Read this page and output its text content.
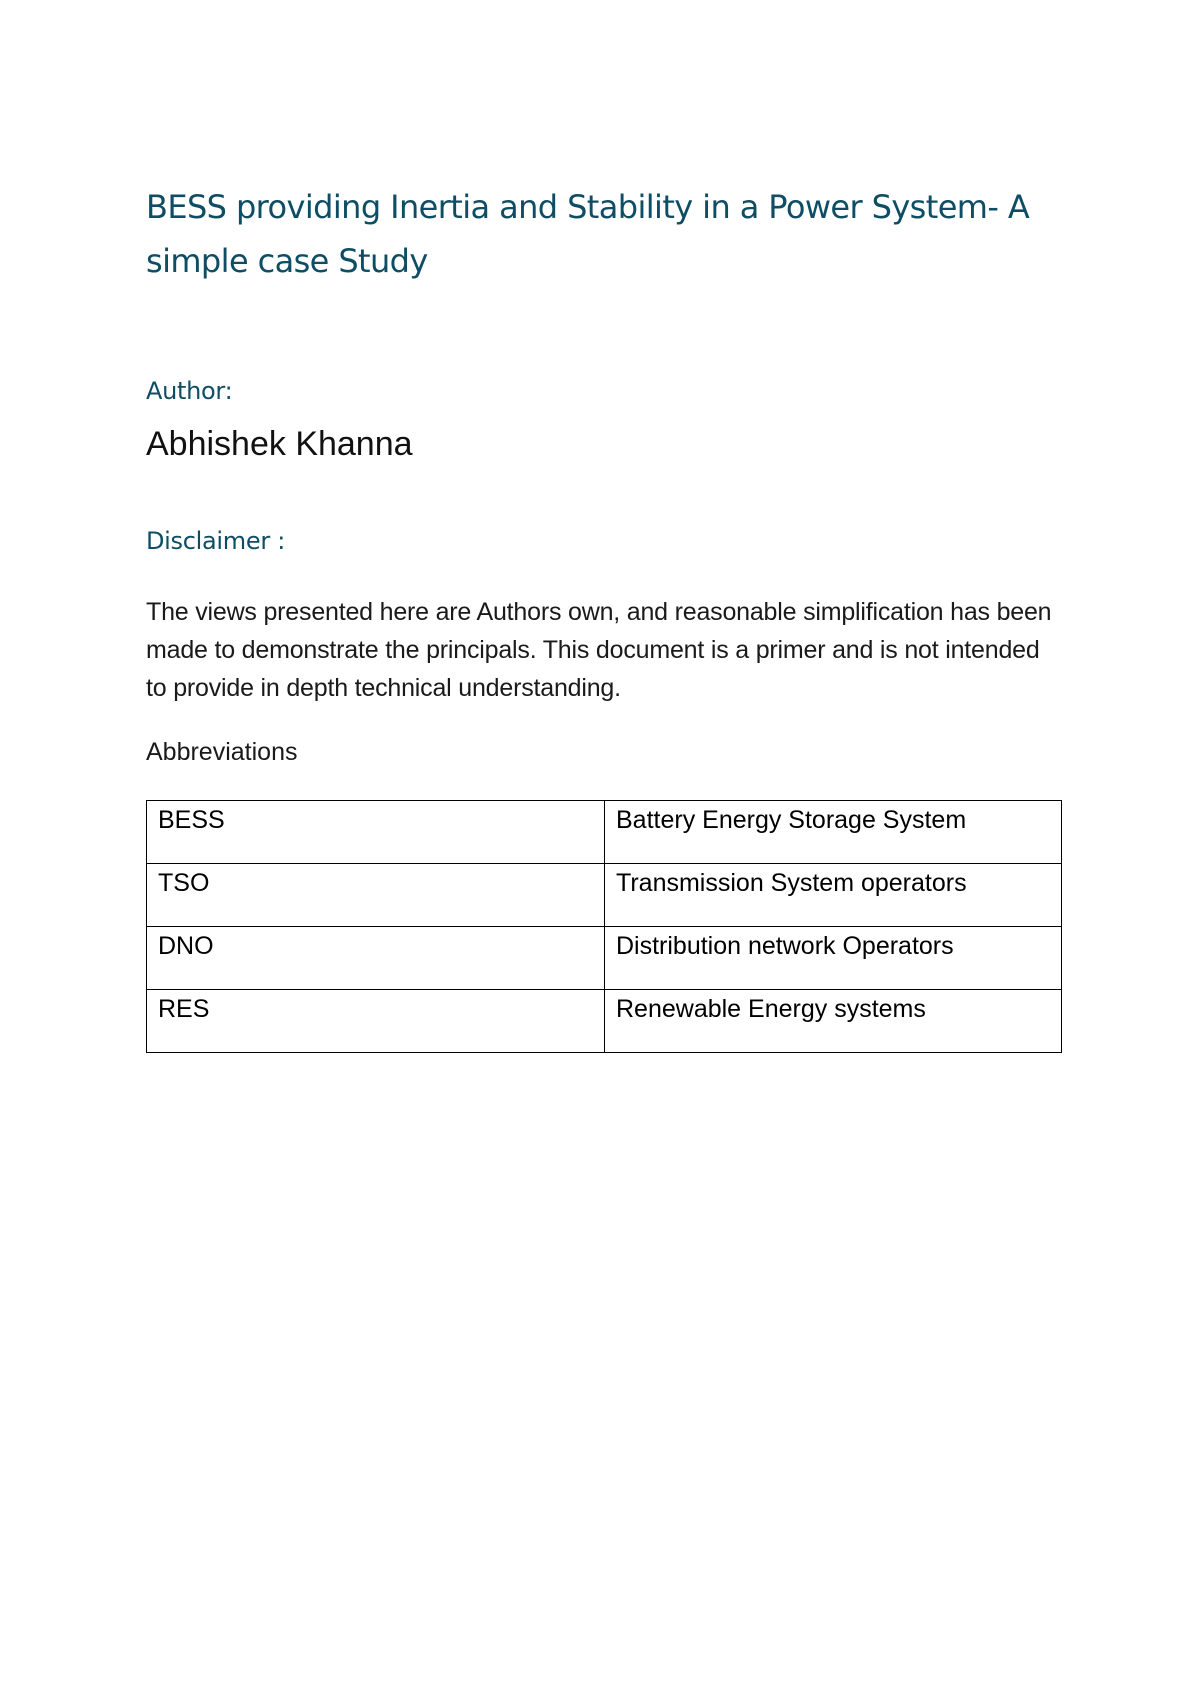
BESS providing Inertia and Stability in a Power System- A simple case Study
Author:
Abhishek Khanna
Disclaimer :

The views presented here are Authors own, and reasonable simplification has been made to demonstrate the principals. This document is a primer and is not intended to provide in depth technical understanding.

Abbreviations
BESS	Battery Energy Storage System
TSO	Transmission System operators
DNO	Distribution network Operators
RES	Renewable Energy systems
